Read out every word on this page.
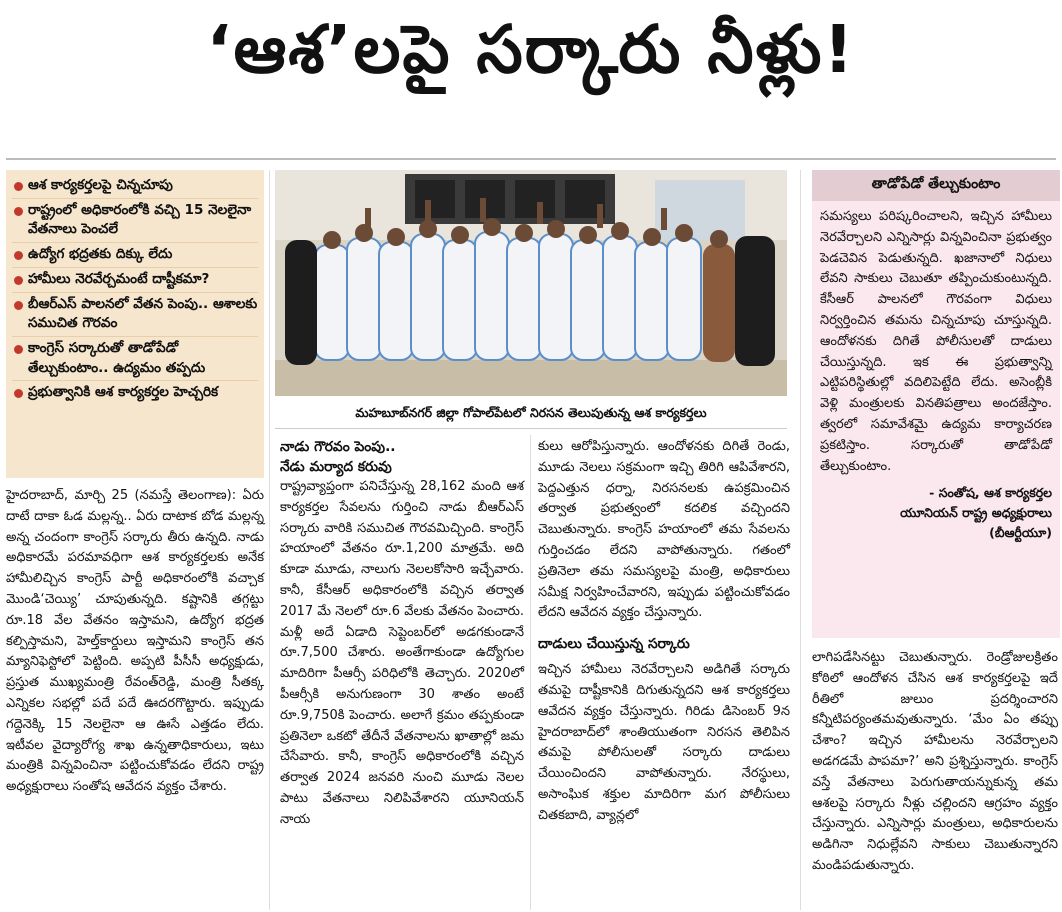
‘ఆశ’లపై సర్కారు నీళ్లు!
ఆశ కార్యకర్తలపై చిన్నచూపు
రాష్ట్రంలో అధికారంలోకి వచ్చి 15 నెలలైనా వేతనాలు పెంచలే
ఉద్యోగ భద్రతకు దిక్కు లేదు
హామీలు నెరవేర్చమంటే దాష్టీకమా?
బీఆర్‌ఎస్‌ పాలనలో వేతన పెంపు.. ఆశాలకు సముచిత గౌరవం
కాంగ్రెస్‌ సర్కారుతో తాడోపేడో తేల్చుకుంటాం.. ఉద్యమం తప్పదు
ప్రభుత్వానికి ఆశ కార్యకర్తల హెచ్చరిక
హైదరాబాద్‌, మార్చి 25 (నమస్తే తెలంగాణ): ఏరు దాటే దాకా ఓడ మల్లన్న.. ఏరు దాటాక బోడ మల్లన్న అన్న చందంగా కాంగ్రెస్‌ సర్కారు తీరు ఉన్నది. నాడు అధికారమే పరమావధిగా ఆశ కార్యకర్తలకు అనేక హామీలిచ్చిన కాంగ్రెస్‌ పార్టీ అధికారంలోకి వచ్చాక మొండి‘చెయ్యి’ చూపుతున్నది. కష్టానికి తగ్గట్టు రూ.18 వేల వేతనం ఇస్తామని, ఉద్యోగ భద్రత కల్పిస్తామని, హెల్త్‌కార్డులు ఇస్తామని కాంగ్రెస్‌ తన మ్యానిఫెస్టోలో పెట్టింది. అప్పటి పీసీసీ అధ్యక్షుడు, ప్రస్తుత ముఖ్యమంత్రి రేవంత్‌రెడ్డి, మంత్రి సీతక్క ఎన్నికల సభల్లో పదే పదే ఊదరగొట్టారు. ఇప్పుడు గద్దెనెక్కి 15 నెలలైనా ఆ ఊసే ఎత్తడం లేదు. ఇటీవల వైద్యారోగ్య శాఖ ఉన్నతాధికారులు, ఇటు మంత్రికి విన్నవించినా పట్టించుకోవడం లేదని రాష్ట్ర అధ్యక్షురాలు సంతోష ఆవేదన వ్యక్తం చేశారు.
మహబూబ్‌నగర్‌ జిల్లా గోపాల్‌పేటలో నిరసన తెలుపుతున్న ఆశ కార్యకర్తలు
నాడు గౌరవం పెంపు..
నేడు మర్యాద కరువు
రాష్ట్రవ్యాప్తంగా పనిచేస్తున్న 28,162 మంది ఆశ కార్యకర్తల సేవలను గుర్తించి నాడు బీఆర్‌ఎస్‌ సర్కారు వారికి సముచిత గౌరవమిచ్చింది. కాంగ్రెస్‌ హయాంలో వేతనం రూ.1,200 మాత్రమే. అది కూడా మూడు, నాలుగు నెలలకోసారి ఇచ్చేవారు. కానీ, కేసీఆర్‌ అధికారంలోకి వచ్చిన తర్వాత 2017 మే నెలలో రూ.6 వేలకు వేతనం పెంచారు. మళ్లీ అదే ఏడాది సెప్టెంబర్‌లో అడగకుండానే రూ.7,500 చేశారు. అంతేగాకుండా ఉద్యోగుల మాదిరిగా పీఆర్సీ పరిధిలోకి తెచ్చారు. 2020లో పీఆర్సీకి అనుగుణంగా 30 శాతం అంటే రూ.9,750కి పెంచారు. అలాగే క్రమం తప్పకుండా ప్రతినెలా ఒకటో తేదీనే వేతనాలను ఖాతాల్లో జమ చేసేవారు. కానీ, కాంగ్రెస్‌ అధికారంలోకి వచ్చిన తర్వాత 2024 జనవరి నుంచి మూడు నెలల పాటు వేతనాలు నిలిపివేశారని యూనియన్‌ నాయ
కులు ఆరోపిస్తున్నారు. ఆందోళనకు దిగితే రెండు, మూడు నెలలు సక్రమంగా ఇచ్చి తిరిగి ఆపివేశారని, పెద్దఎత్తున ధర్నా, నిరసనలకు ఉపక్రమించిన తర్వాత ప్రభుత్వంలో కదలిక వచ్చిందని చెబుతున్నారు. కాంగ్రెస్‌ హయాంలో తమ సేవలను గుర్తించడం లేదని వాపోతున్నారు. గతంలో ప్రతినెలా తమ సమస్యలపై మంత్రి, అధికారులు సమీక్ష నిర్వహించేవారని, ఇప్పుడు పట్టించుకోవడం లేదని ఆవేదన వ్యక్తం చేస్తున్నారు.
దాడులు చేయిస్తున్న సర్కారు
ఇచ్చిన హామీలు నెరవేర్చాలని అడిగితే సర్కారు తమపై దాష్టీకానికి దిగుతున్నదని ఆశ కార్యకర్తలు ఆవేదన వ్యక్తం చేస్తున్నారు. గిరిడు డిసెంబర్‌ 9న హైదరాబాద్‌లో శాంతియుతంగా నిరసన తెలిపిన తమపై పోలీసులతో సర్కారు దాడులు చేయించిందని వాపోతున్నారు. నేరస్థులు, అసాంఘిక శక్తుల మాదిరిగా మగ పోలీసులు చితకబాది, వ్యాన్లలో
తాడోపేడో తేల్చుకుంటాం
సమస్యలు పరిష్కరించాలని, ఇచ్చిన హామీలు నెరవేర్చాలని ఎన్నిసార్లు విన్నవించినా ప్రభుత్వం పెడచెవిన పెడుతున్నది. ఖజానాలో నిధులు లేవని సాకులు చెబుతూ తప్పించుకుంటున్నది. కేసీఆర్‌ పాలనలో గౌరవంగా విధులు నిర్వర్తించిన తమను చిన్నచూపు చూస్తున్నది. ఆందోళనకు దిగితే పోలీసులతో దాడులు చేయిస్తున్నది. ఇక ఈ ప్రభుత్వాన్ని ఎట్టిపరిస్థితుల్లో వదిలిపెట్టేది లేదు. అసెంబ్లీకి వెళ్లి మంత్రులకు వినతిపత్రాలు అందజేస్తాం. త్వరలో సమావేశమై ఉద్యమ కార్యాచరణ ప్రకటిస్తాం. సర్కారుతో తాడోపేడో తేల్చుకుంటాం.
- సంతోష, ఆశ కార్యకర్తల
యూనియన్‌ రాష్ట్ర అధ్యక్షురాలు
(బీఆర్టీయూ)
లాగిపడేసినట్టు చెబుతున్నారు. రెండ్రోజులక్రితం కోఠిలో ఆందోళన చేసిన ఆశ కార్యకర్తలపై ఇదే రీతిలో జులుం ప్రదర్శించారని కన్నీటిపర్యంతమవుతున్నారు. ‘మేం ఏం తప్పు చేశాం? ఇచ్చిన హామీలను నెరవేర్చాలని అడగడమే పాపమా?’ అని ప్రశ్నిస్తున్నారు. కాంగ్రెస్‌ వస్తే వేతనాలు పెరుగుతాయన్నుకున్న తమ ఆశలపై సర్కారు నీళ్లు చల్లిందని ఆగ్రహం వ్యక్తం చేస్తున్నారు. ఎన్నిసార్లు మంత్రులు, అధికారులను అడిగినా నిధుల్లేవని సాకులు చెబుతున్నారని మండిపడుతున్నారు.
